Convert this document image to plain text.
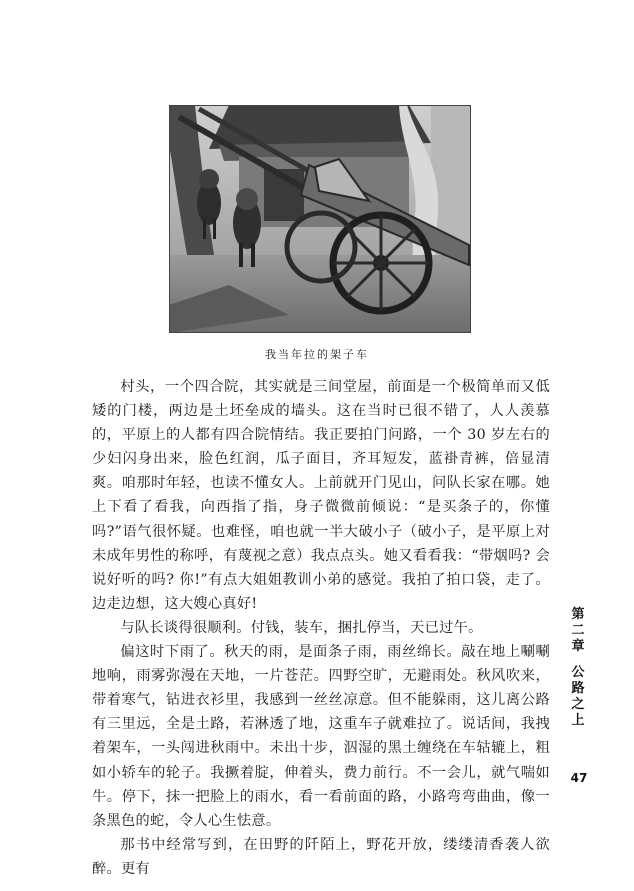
我当年拉的架子车

村头，一个四合院，其实就是三间堂屋，前面是一个极简单而又低矮的门楼，两边是土坯垒成的墙头。这在当时已很不错了，人人羡慕的，平原上的人都有四合院情结。我正要拍门问路，一个 30 岁左右的少妇闪身出来，脸色红润，瓜子面目，齐耳短发，蓝褂青裤，倍显清爽。咱那时年轻，也读不懂女人。上前就开门见山，问队长家在哪。她上下看了看我，向西指了指，身子微微前倾说：“是买条子的，你懂吗?”语气很怀疑。也难怪，咱也就一半大破小子（破小子，是平原上对未成年男性的称呼，有蔑视之意）我点点头。她又看看我：“带烟吗? 会说好听的吗? 你!”有点大姐姐教训小弟的感觉。我拍了拍口袋，走了。边走边想，这大嫂心真好!

与队长谈得很顺利。付钱，装车，捆扎停当，天已过午。

偏这时下雨了。秋天的雨，是面条子雨，雨丝绵长。敲在地上唰唰地响，雨雾弥漫在天地，一片苍茫。四野空旷，无避雨处。秋风吹来，带着寒气，钻进衣衫里，我感到一丝丝凉意。但不能躲雨，这儿离公路有三里远，全是土路，若淋透了地，这重车子就难拉了。说话间，我拽着架车，一头闯进秋雨中。未出十步，泅湿的黑土缠绕在车轱辘上，粗如小轿车的轮子。我撅着腚，伸着头，费力前行。不一会儿，就气喘如牛。停下，抹一把脸上的雨水，看一看前面的路，小路弯弯曲曲，像一条黑色的蛇，令人心生怯意。

那书中经常写到，在田野的阡陌上，野花开放，缕缕清香袭人欲醉。更有

第
二
章
公
路
之
上
47
